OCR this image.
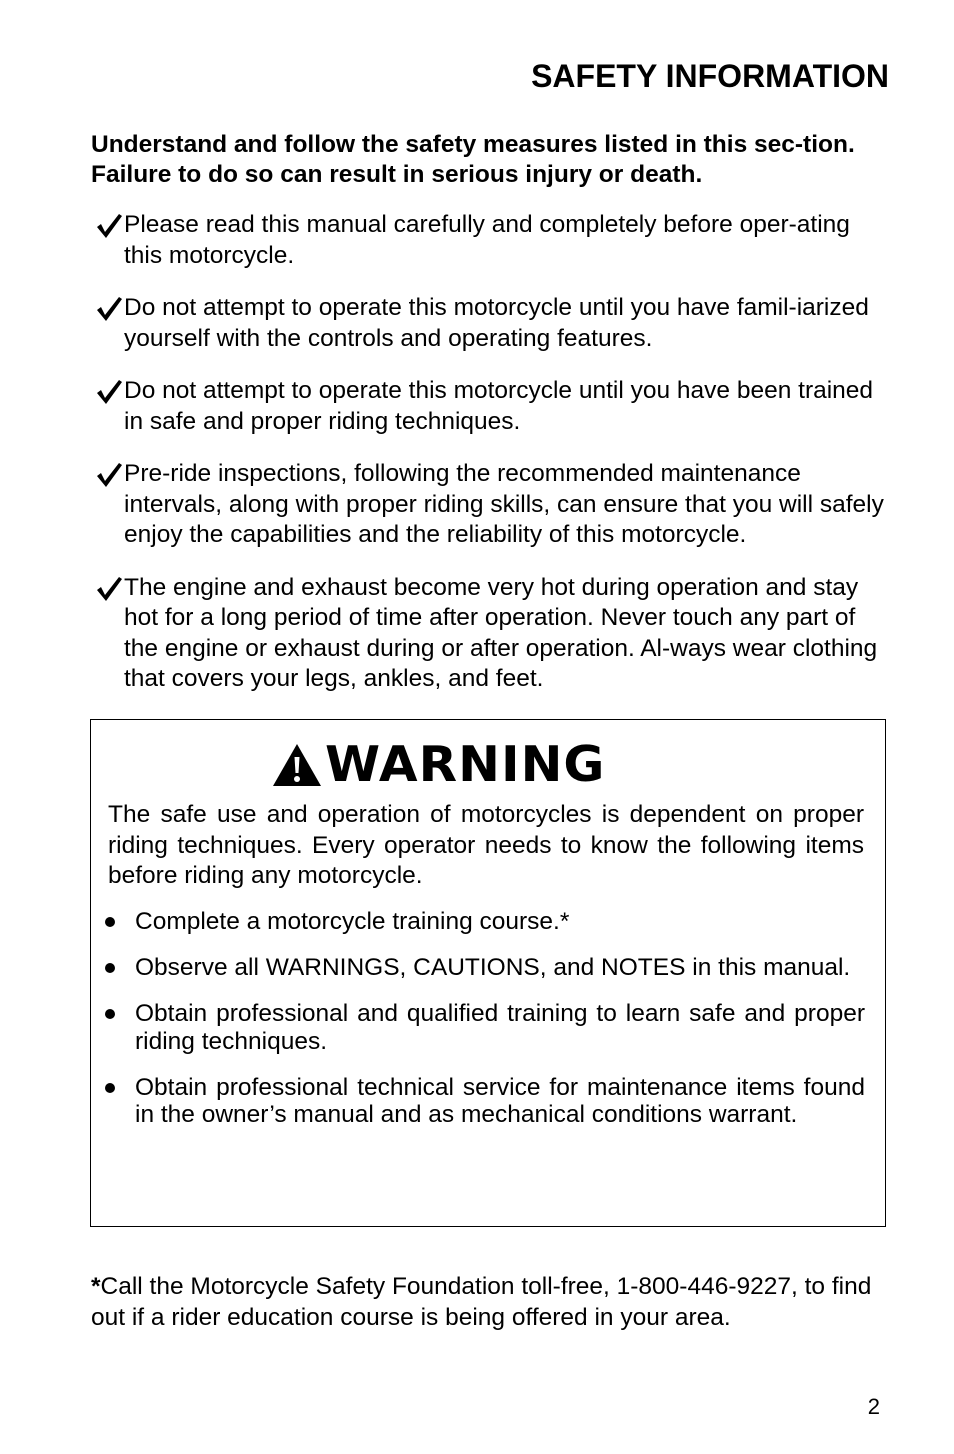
SAFETY INFORMATION
Understand and follow the safety measures listed in this sec-tion. Failure to do so can result in serious injury or death.
Please read this manual carefully and completely before oper-ating this motorcycle.
Do not attempt to operate this motorcycle until you have famil-iarized yourself with the controls and operating features.
Do not attempt to operate this motorcycle until you have been trained in safe and proper riding techniques.
Pre-ride inspections, following the recommended maintenance intervals, along with proper riding skills, can ensure that you will safely enjoy the capabilities and the reliability of this motorcycle.
The engine and exhaust become very hot during operation and stay hot for a long period of time after operation. Never touch any part of the engine or exhaust during or after operation. Al-ways wear clothing that covers your legs, ankles, and feet.
WARNING
The safe use and operation of motorcycles is dependent on proper riding techniques. Every operator needs to know the following items before riding any motorcycle.
Complete a motorcycle training course.*
Observe all WARNINGS, CAUTIONS, and NOTES in this manual.
Obtain professional and qualified training to learn safe and proper riding techniques.
Obtain professional technical service for maintenance items found in the owner’s manual and as mechanical conditions warrant.
*Call the Motorcycle Safety Foundation toll-free, 1-800-446-9227, to find out if a rider education course is being offered in your area.
2
